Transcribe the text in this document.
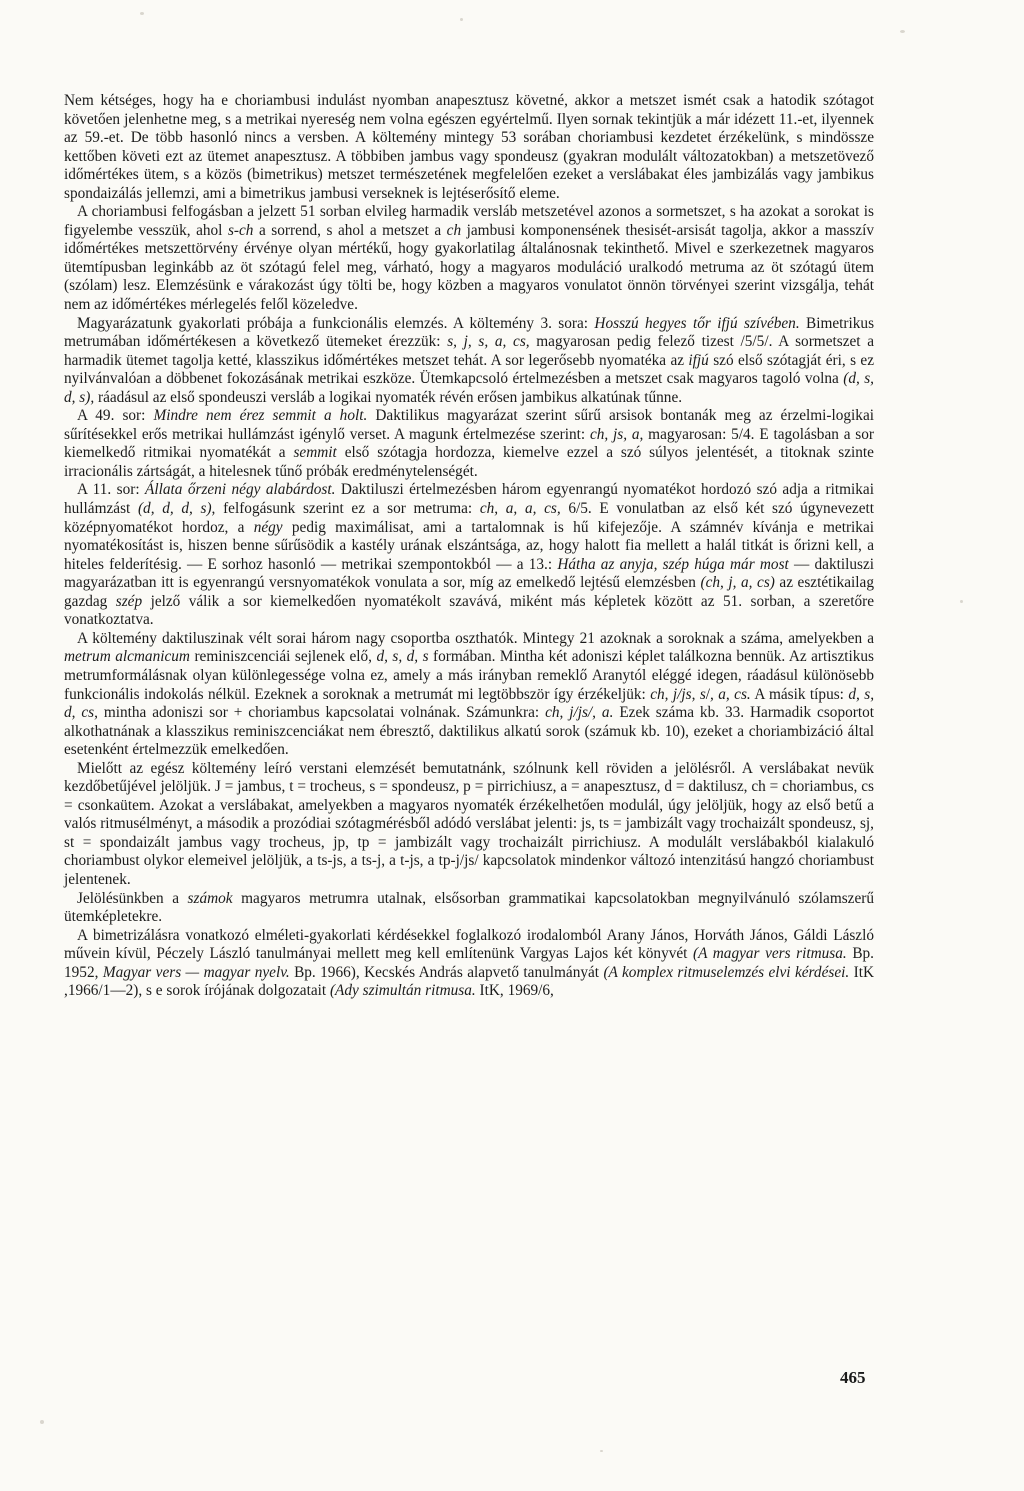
Nem kétséges, hogy ha e choriambusi indulást nyomban anapesztusz követné, akkor a metszet ismét csak a hatodik szótagot követően jelenhetne meg, s a metrikai nyereség nem volna egészen egyértelmű. Ilyen sornak tekintjük a már idézett 11.-et, ilyennek az 59.-et. De több hasonló nincs a versben. A költemény mintegy 53 sorában choriambusi kezdetet érzékelünk, s mindössze kettőben követi ezt az ütemet anapesztusz. A többiben jambus vagy spondeusz (gyakran modulált változatokban) a metszetövező időmértékes ütem, s a közös (bimetrikus) metszet természetének megfelelően ezeket a verslábakat éles jambizálás vagy jambikus spondaizálás jellemzi, ami a bimetrikus jambusi verseknek is lejtéserősítő eleme.

A choriambusi felfogásban a jelzett 51 sorban elvileg harmadik versláb metszetével azonos a sormetszet, s ha azokat a sorokat is figyelembe vesszük, ahol s-ch a sorrend, s ahol a metszet a ch jambusi komponensének thesisét-arsisát tagolja, akkor a masszív időmértékes metszettörvény érvénye olyan mértékű, hogy gyakorlatilag általánosnak tekinthető. Mivel e szerkezetnek magyaros ütemtípusban leginkább az öt szótagú felel meg, várható, hogy a magyaros moduláció uralkodó metruma az öt szótagú ütem (szólam) lesz. Elemzésünk e várakozást úgy tölti be, hogy közben a magyaros vonulatot önnön törvényei szerint vizsgálja, tehát nem az időmértékes mérlegelés felől közeledve.

Magyarázatunk gyakorlati próbája a funkcionális elemzés. A költemény 3. sora: Hosszú hegyes tőr ifjú szívében. Bimetrikus metrumában időmértékesen a következő ütemeket érezzük: s, j, s, a, cs, magyarosan pedig felező tizest /5/5/. A sormetszet a harmadik ütemet tagolja ketté, klasszikus időmértékes metszet tehát. A sor legerősebb nyomatéka az ifjú szó első szótagját éri, s ez nyilvánvalóan a döbbenet fokozásának metrikai eszköze. Ütemkapcsoló értelmezésben a metszet csak magyaros tagoló volna (d, s, d, s), ráadásul az első spondeuszi versláb a logikai nyomaték révén erősen jambikus alkatúnak tűnne.

A 49. sor: Mindre nem érez semmit a holt. Daktilikus magyarázat szerint sűrű arsisok bontanák meg az érzelmi-logikai sűrítésekkel erős metrikai hullámzást igénylő verset. A magunk értelmezése szerint: ch, js, a, magyarosan: 5/4. E tagolásban a sor kiemelkedő ritmikai nyomatékát a semmit első szótagja hordozza, kiemelve ezzel a szó súlyos jelentését, a titoknak szinte irracionális zártságát, a hitelesnek tűnő próbák eredménytelenségét.

A 11. sor: Állata őrzeni négy alabárdost. Daktiluszi értelmezésben három egyenrangú nyomatékot hordozó szó adja a ritmikai hullámzást (d, d, d, s), felfogásunk szerint ez a sor metruma: ch, a, a, cs, 6/5. E vonulatban az első két szó úgynevezett középnyomatékot hordoz, a négy pedig maximálisat, ami a tartalomnak is hű kifejezője. A számnév kívánja e metrikai nyomatékosítást is, hiszen benne sűrűsödik a kastély urának elszántsága, az, hogy halott fia mellett a halál titkát is őrizni kell, a hiteles felderítésig. — E sorhoz hasonló — metrikai szempontokból — a 13.: Hátha az anyja, szép húga már most — daktiluszi magyarázatban itt is egyenrangú versnyomatékok vonulata a sor, míg az emelkedő lejtésű elemzésben (ch, j, a, cs) az esztétikailag gazdag szép jelző válik a sor kiemelkedően nyomatékolt szavává, miként más képletek között az 51. sorban, a szeretőre vonatkoztatva.

A költemény daktiluszinak vélt sorai három nagy csoportba oszthatók. Mintegy 21 azoknak a soroknak a száma, amelyekben a metrum alcmanicum reminiszcenciái sejlenek elő, d, s, d, s formában. Mintha két adoniszi képlet találkozna bennük. Az artisztikus metrumformálásnak olyan különlegessége volna ez, amely a más irányban remeklő Aranytól eléggé idegen, ráadásul különösebb funkcionális indokolás nélkül. Ezeknek a soroknak a metrumát mi legtöbbször így érzékeljük: ch, j/js, s/, a, cs. A másik típus: d, s, d, cs, mintha adoniszi sor + choriambus kapcsolatai volnának. Számunkra: ch, j/js/, a. Ezek száma kb. 33. Harmadik csoportot alkothatnának a klasszikus reminiszcenciákat nem ébresztő, daktilikus alkatú sorok (számuk kb. 10), ezeket a choriambizáció által esetenként értelmezzük emelkedően.

Mielőtt az egész költemény leíró verstani elemzését bemutatnánk, szólnunk kell röviden a jelölésről. A verslábakat nevük kezdőbetűjével jelöljük. J = jambus, t = trocheus, s = spondeusz, p = pirrichiusz, a = anapesztusz, d = daktilusz, ch = choriambus, cs = csonkaütem. Azokat a verslábakat, amelyekben a magyaros nyomaték érzékelhetően modulál, úgy jelöljük, hogy az első betű a valós ritmusélményt, a második a prozódiai szótagmérésből adódó verslábat jelenti: js, ts = jambizált vagy trochaizált spondeusz, sj, st = spondaizált jambus vagy trocheus, jp, tp = jambizált vagy trochaizált pirrichiusz. A modulált verslábakból kialakuló choriambust olykor elemeivel jelöljük, a ts-js, a ts-j, a t-js, a tp-j/js/ kapcsolatok mindenkor változó intenzitású hangzó choriambust jelentenek.

Jelölésünkben a számok magyaros metrumra utalnak, elsősorban grammatikai kapcsolatokban megnyilvánuló szólamszerű ütemképletekre.

A bimetrizálásra vonatkozó elméleti-gyakorlati kérdésekkel foglalkozó irodalomból Arany János, Horváth János, Gáldi László művein kívül, Péczely László tanulmányai mellett meg kell említenünk Vargyas Lajos két könyvét (A magyar vers ritmusa. Bp. 1952, Magyar vers — magyar nyelv. Bp. 1966), Kecskés András alapvető tanulmányát (A komplex ritmuselemzés elvi kérdései. ItK ,1966/1—2), s e sorok írójának dolgozatait (Ady szimultán ritmusa. ItK, 1969/6,

465
